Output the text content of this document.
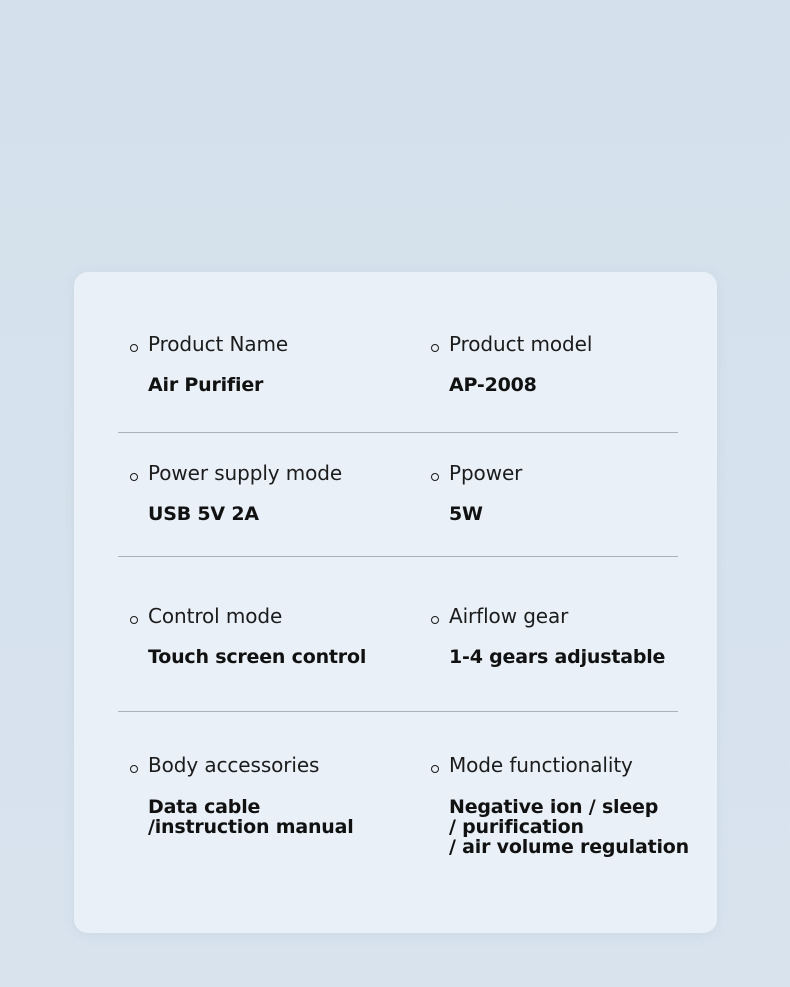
Product Name
Air Purifier
Product model
AP-2008
Power supply mode
USB 5V 2A
Ppower
5W
Control mode
Touch screen control
Airflow gear
1-4 gears adjustable
Body accessories
Data cable
/instruction manual
Mode functionality
Negative ion / sleep
/ purification
/ air volume regulation
